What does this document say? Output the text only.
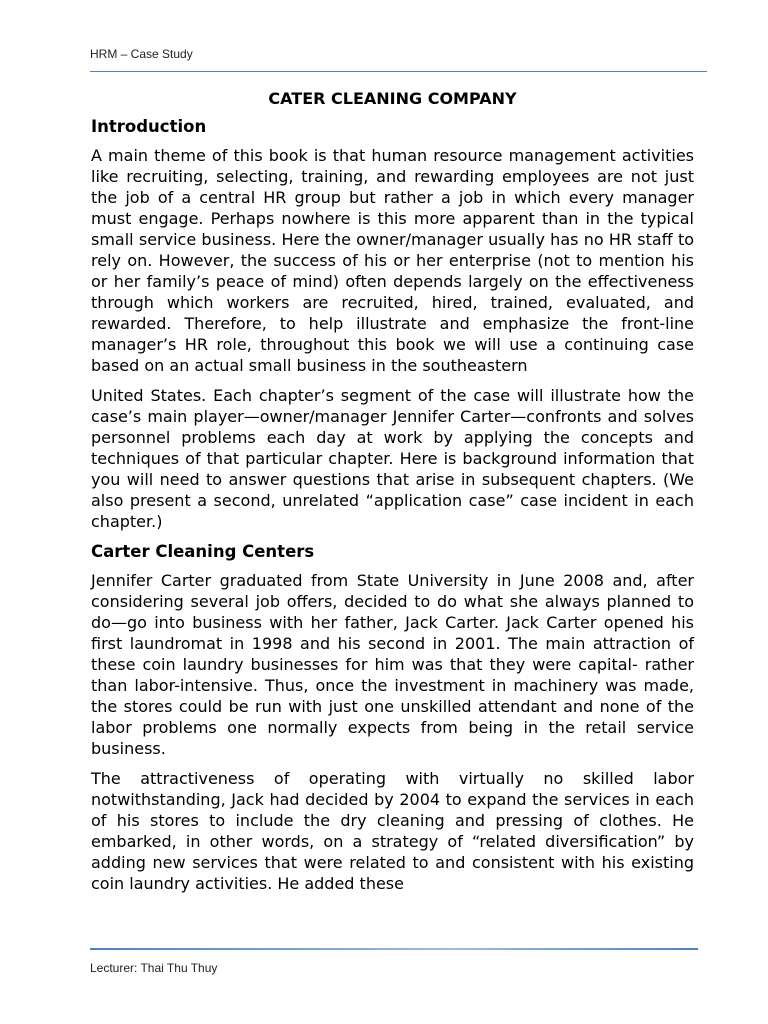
HRM – Case Study
CATER CLEANING COMPANY
Introduction

A main theme of this book is that human resource management activities like recruiting, selecting, training, and rewarding employees are not just the job of a central HR group but rather a job in which every manager must engage. Perhaps nowhere is this more apparent than in the typical small service business. Here the owner/manager usually has no HR staff to rely on. However, the success of his or her enterprise (not to mention his or her family’s peace of mind) often depends largely on the effectiveness through which workers are recruited, hired, trained, evaluated, and rewarded. Therefore, to help illustrate and emphasize the front-line manager’s HR role, throughout this book we will use a continuing case based on an actual small business in the southeastern

United States. Each chapter’s segment of the case will illustrate how the case’s main player—owner/manager Jennifer Carter—confronts and solves personnel problems each day at work by applying the concepts and techniques of that particular chapter. Here is background information that you will need to answer questions that arise in subsequent chapters. (We also present a second, unrelated “application case” case incident in each chapter.)

Carter Cleaning Centers

Jennifer Carter graduated from State University in June 2008 and, after considering several job offers, decided to do what she always planned to do—go into business with her father, Jack Carter. Jack Carter opened his first laundromat in 1998 and his second in 2001. The main attraction of these coin laundry businesses for him was that they were capital- rather than labor-intensive. Thus, once the investment in machinery was made, the stores could be run with just one unskilled attendant and none of the labor problems one normally expects from being in the retail service business.

The attractiveness of operating with virtually no skilled labor notwithstanding, Jack had decided by 2004 to expand the services in each of his stores to include the dry cleaning and pressing of clothes. He embarked, in other words, on a strategy of “related diversification” by adding new services that were related to and consistent with his existing coin laundry activities. He added these

Lecturer: Thai Thu Thuy
